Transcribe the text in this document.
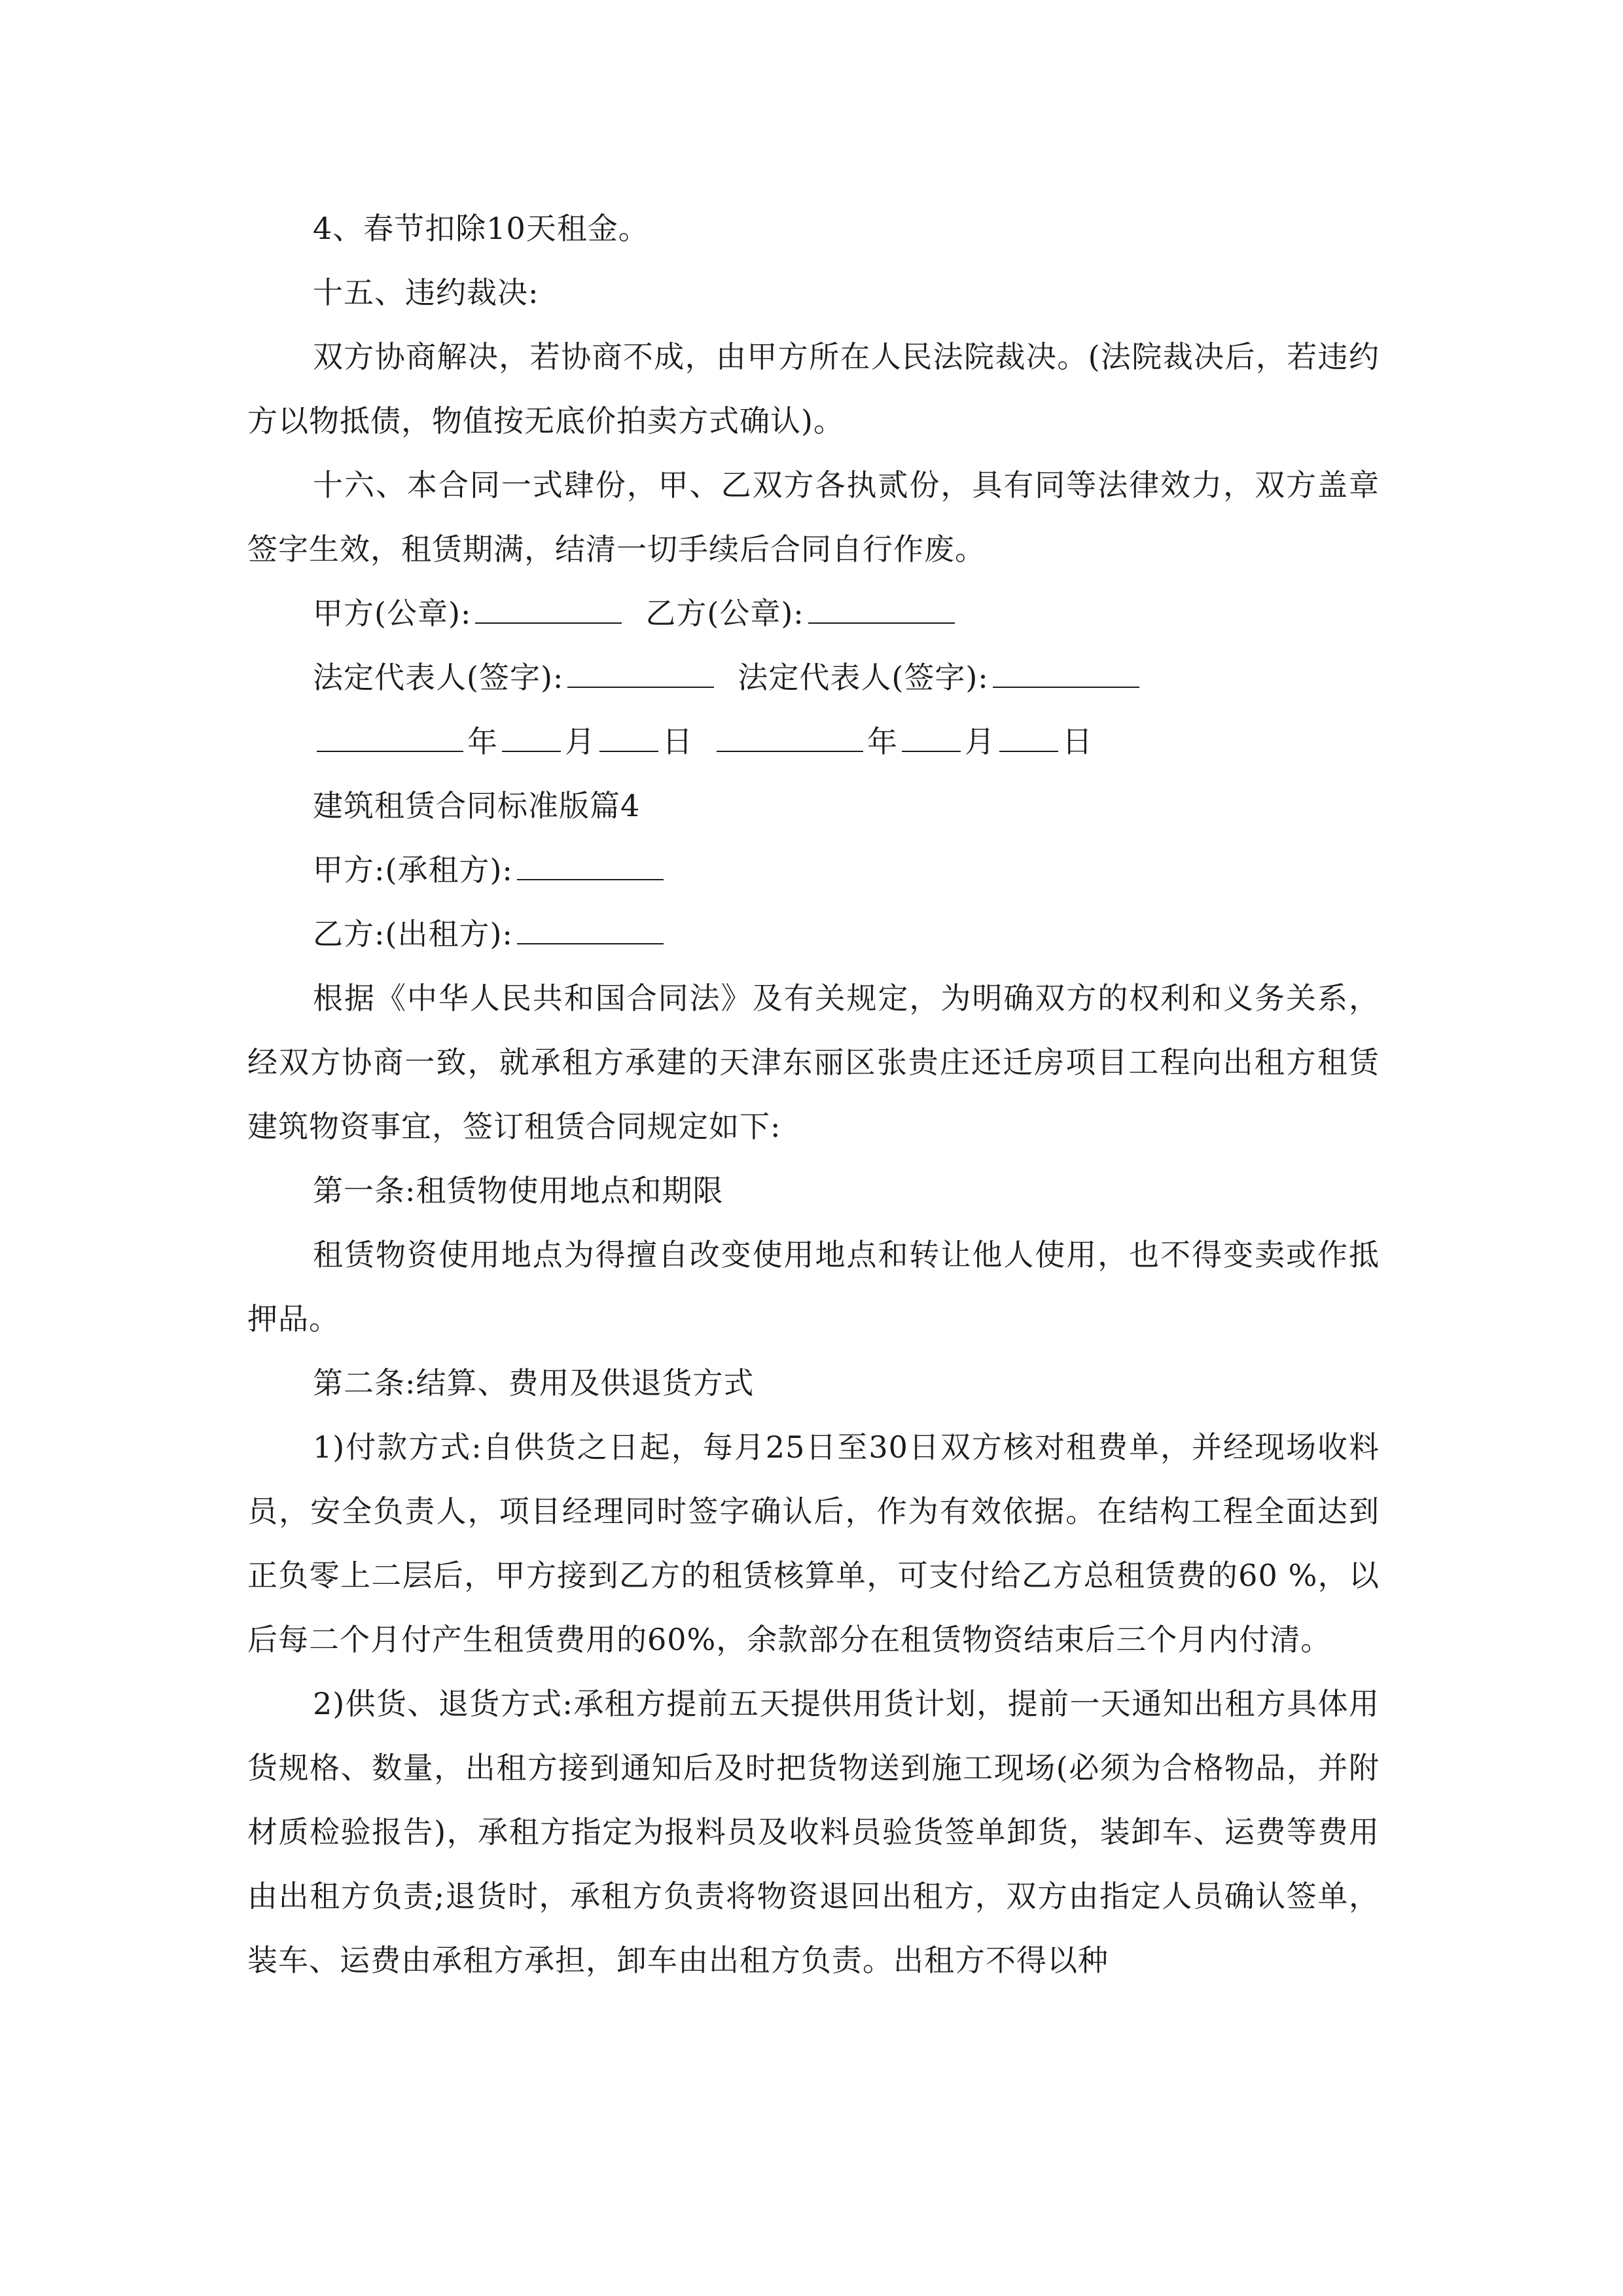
4、春节扣除10天租金。

十五、违约裁决:

双方协商解决，若协商不成，由甲方所在人民法院裁决。(法院裁决后，若违约方以物抵债，物值按无底价拍卖方式确认)。

十六、本合同一式肆份，甲、乙双方各执贰份，具有同等法律效力，双方盖章签字生效，租赁期满，结清一切手续后合同自行作废。

甲方(公章):	乙方(公章):

法定代表人(签字):	法定代表人(签字):

年 月 日	年 月 日

建筑租赁合同标准版篇4

甲方:(承租方):

乙方:(出租方):

根据《中华人民共和国合同法》及有关规定，为明确双方的权利和义务关系，经双方协商一致，就承租方承建的天津东丽区张贵庄还迁房项目工程向出租方租赁建筑物资事宜，签订租赁合同规定如下:

第一条:租赁物使用地点和期限

租赁物资使用地点为得擅自改变使用地点和转让他人使用，也不得变卖或作抵押品。

第二条:结算、费用及供退货方式

1)付款方式:自供货之日起，每月25日至30日双方核对租费单，并经现场收料员，安全负责人，项目经理同时签字确认后，作为有效依据。在结构工程全面达到正负零上二层后，甲方接到乙方的租赁核算单，可支付给乙方总租赁费的60 %，以后每二个月付产生租赁费用的60%，余款部分在租赁物资结束后三个月内付清。

2)供货、退货方式:承租方提前五天提供用货计划，提前一天通知出租方具体用货规格、数量，出租方接到通知后及时把货物送到施工现场(必须为合格物品，并附材质检验报告)，承租方指定为报料员及收料员验货签单卸货，装卸车、运费等费用由出租方负责;退货时，承租方负责将物资退回出租方，双方由指定人员确认签单，装车、运费由承租方承担，卸车由出租方负责。出租方不得以种
